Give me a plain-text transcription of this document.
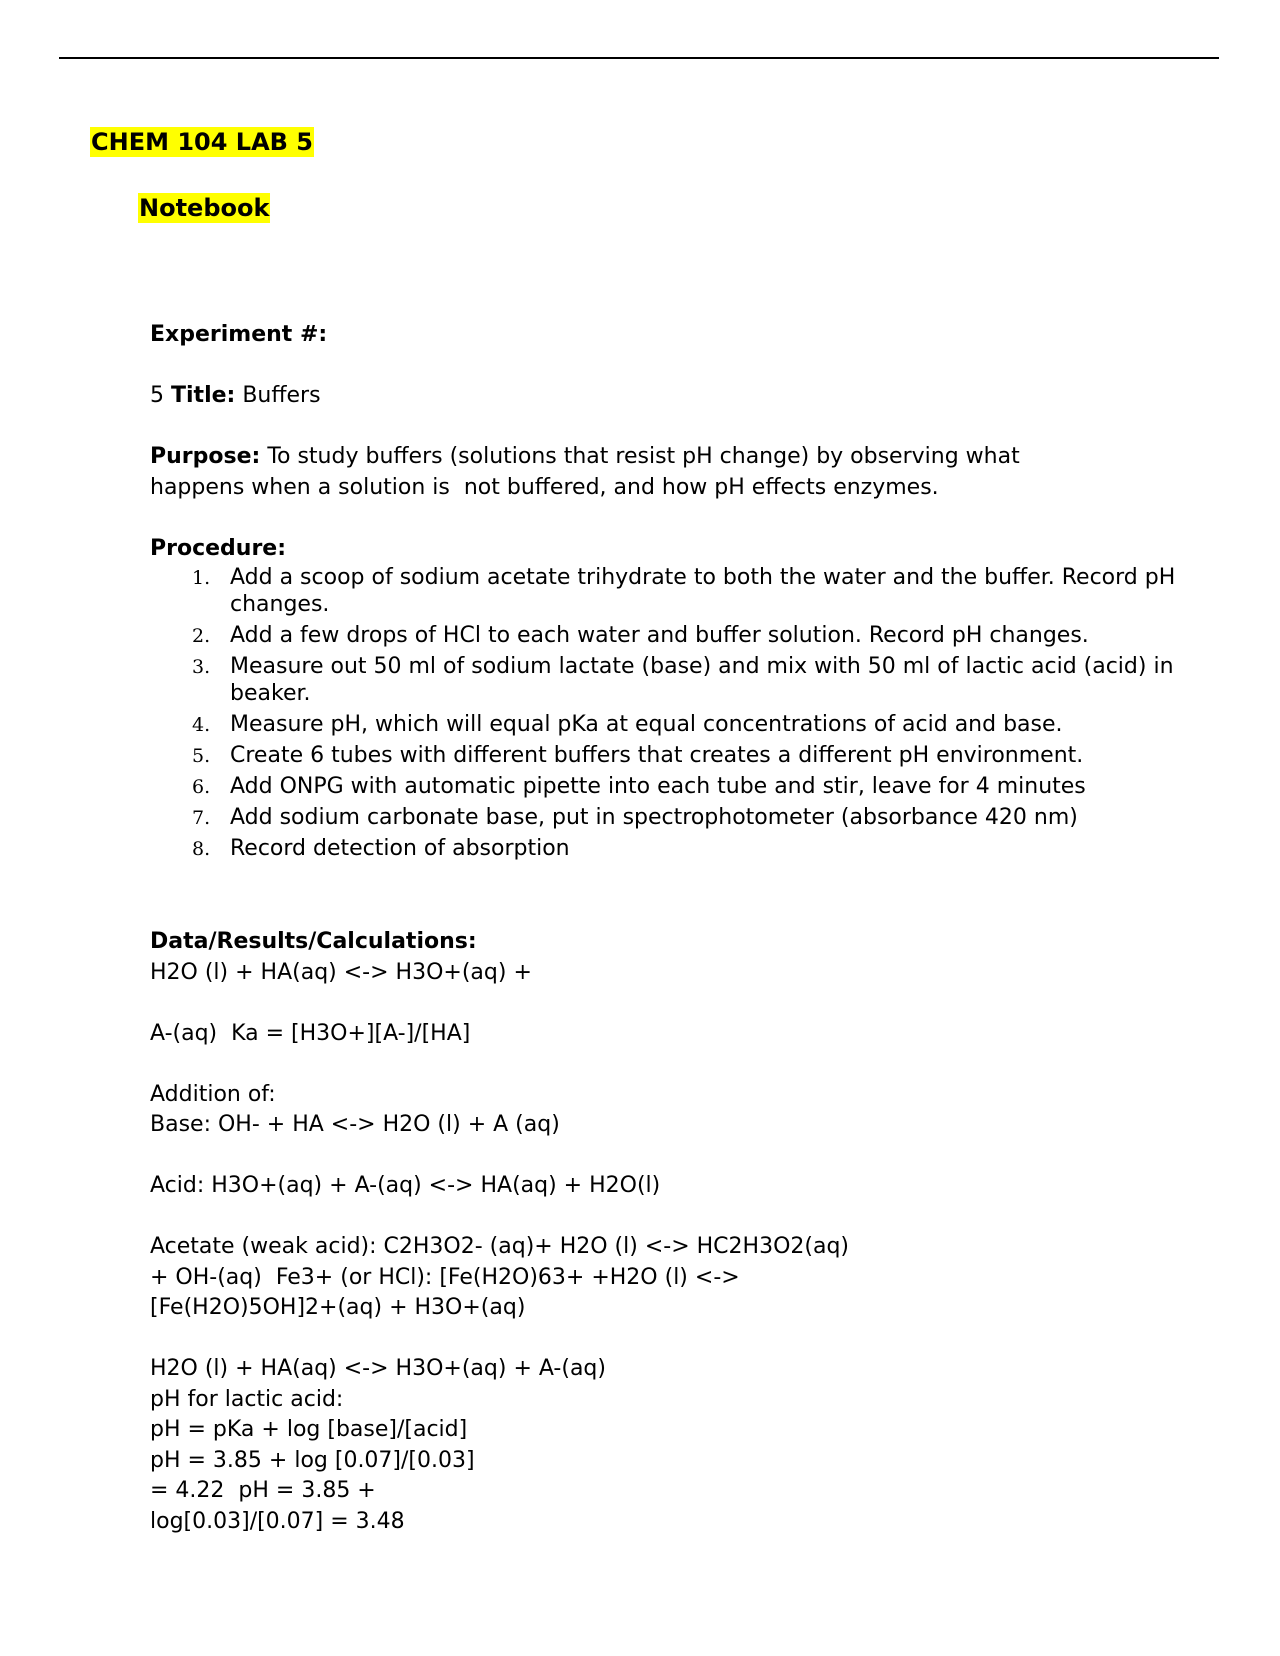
CHEM 104 LAB 5
Notebook

Experiment #:

5 Title: Buffers

Purpose: To study buffers (solutions that resist pH change) by observing what

happens when a solution is  not buffered, and how pH effects enzymes.

Procedure:

1. Add a scoop of sodium acetate trihydrate to both the water and the buffer. Record pH changes.
2. Add a few drops of HCl to each water and buffer solution. Record pH changes.
3. Measure out 50 ml of sodium lactate (base) and mix with 50 ml of lactic acid (acid) in beaker.
4. Measure pH, which will equal pKa at equal concentrations of acid and base.
5. Create 6 tubes with different buffers that creates a different pH environment.
6. Add ONPG with automatic pipette into each tube and stir, leave for 4 minutes
7. Add sodium carbonate base, put in spectrophotometer (absorbance 420 nm)
8. Record detection of absorption

Data/Results/Calculations:

H2O (l) + HA(aq) <-> H3O+(aq) +

A-(aq)  Ka = [H3O+][A-]/[HA]

Addition of:

Base: OH- + HA <-> H2O (l) + A (aq)

Acid: H3O+(aq) + A-(aq) <-> HA(aq) + H2O(l)

Acetate (weak acid): C2H3O2- (aq)+ H2O (l) <-> HC2H3O2(aq)

+ OH-(aq)  Fe3+ (or HCl): [Fe(H2O)63+ +H2O (l) <->

[Fe(H2O)5OH]2+(aq) + H3O+(aq)

H2O (l) + HA(aq) <-> H3O+(aq) + A-(aq)

pH for lactic acid:

pH = pKa + log [base]/[acid]

pH = 3.85 + log [0.07]/[0.03]

= 4.22  pH = 3.85 +

log[0.03]/[0.07] = 3.48
